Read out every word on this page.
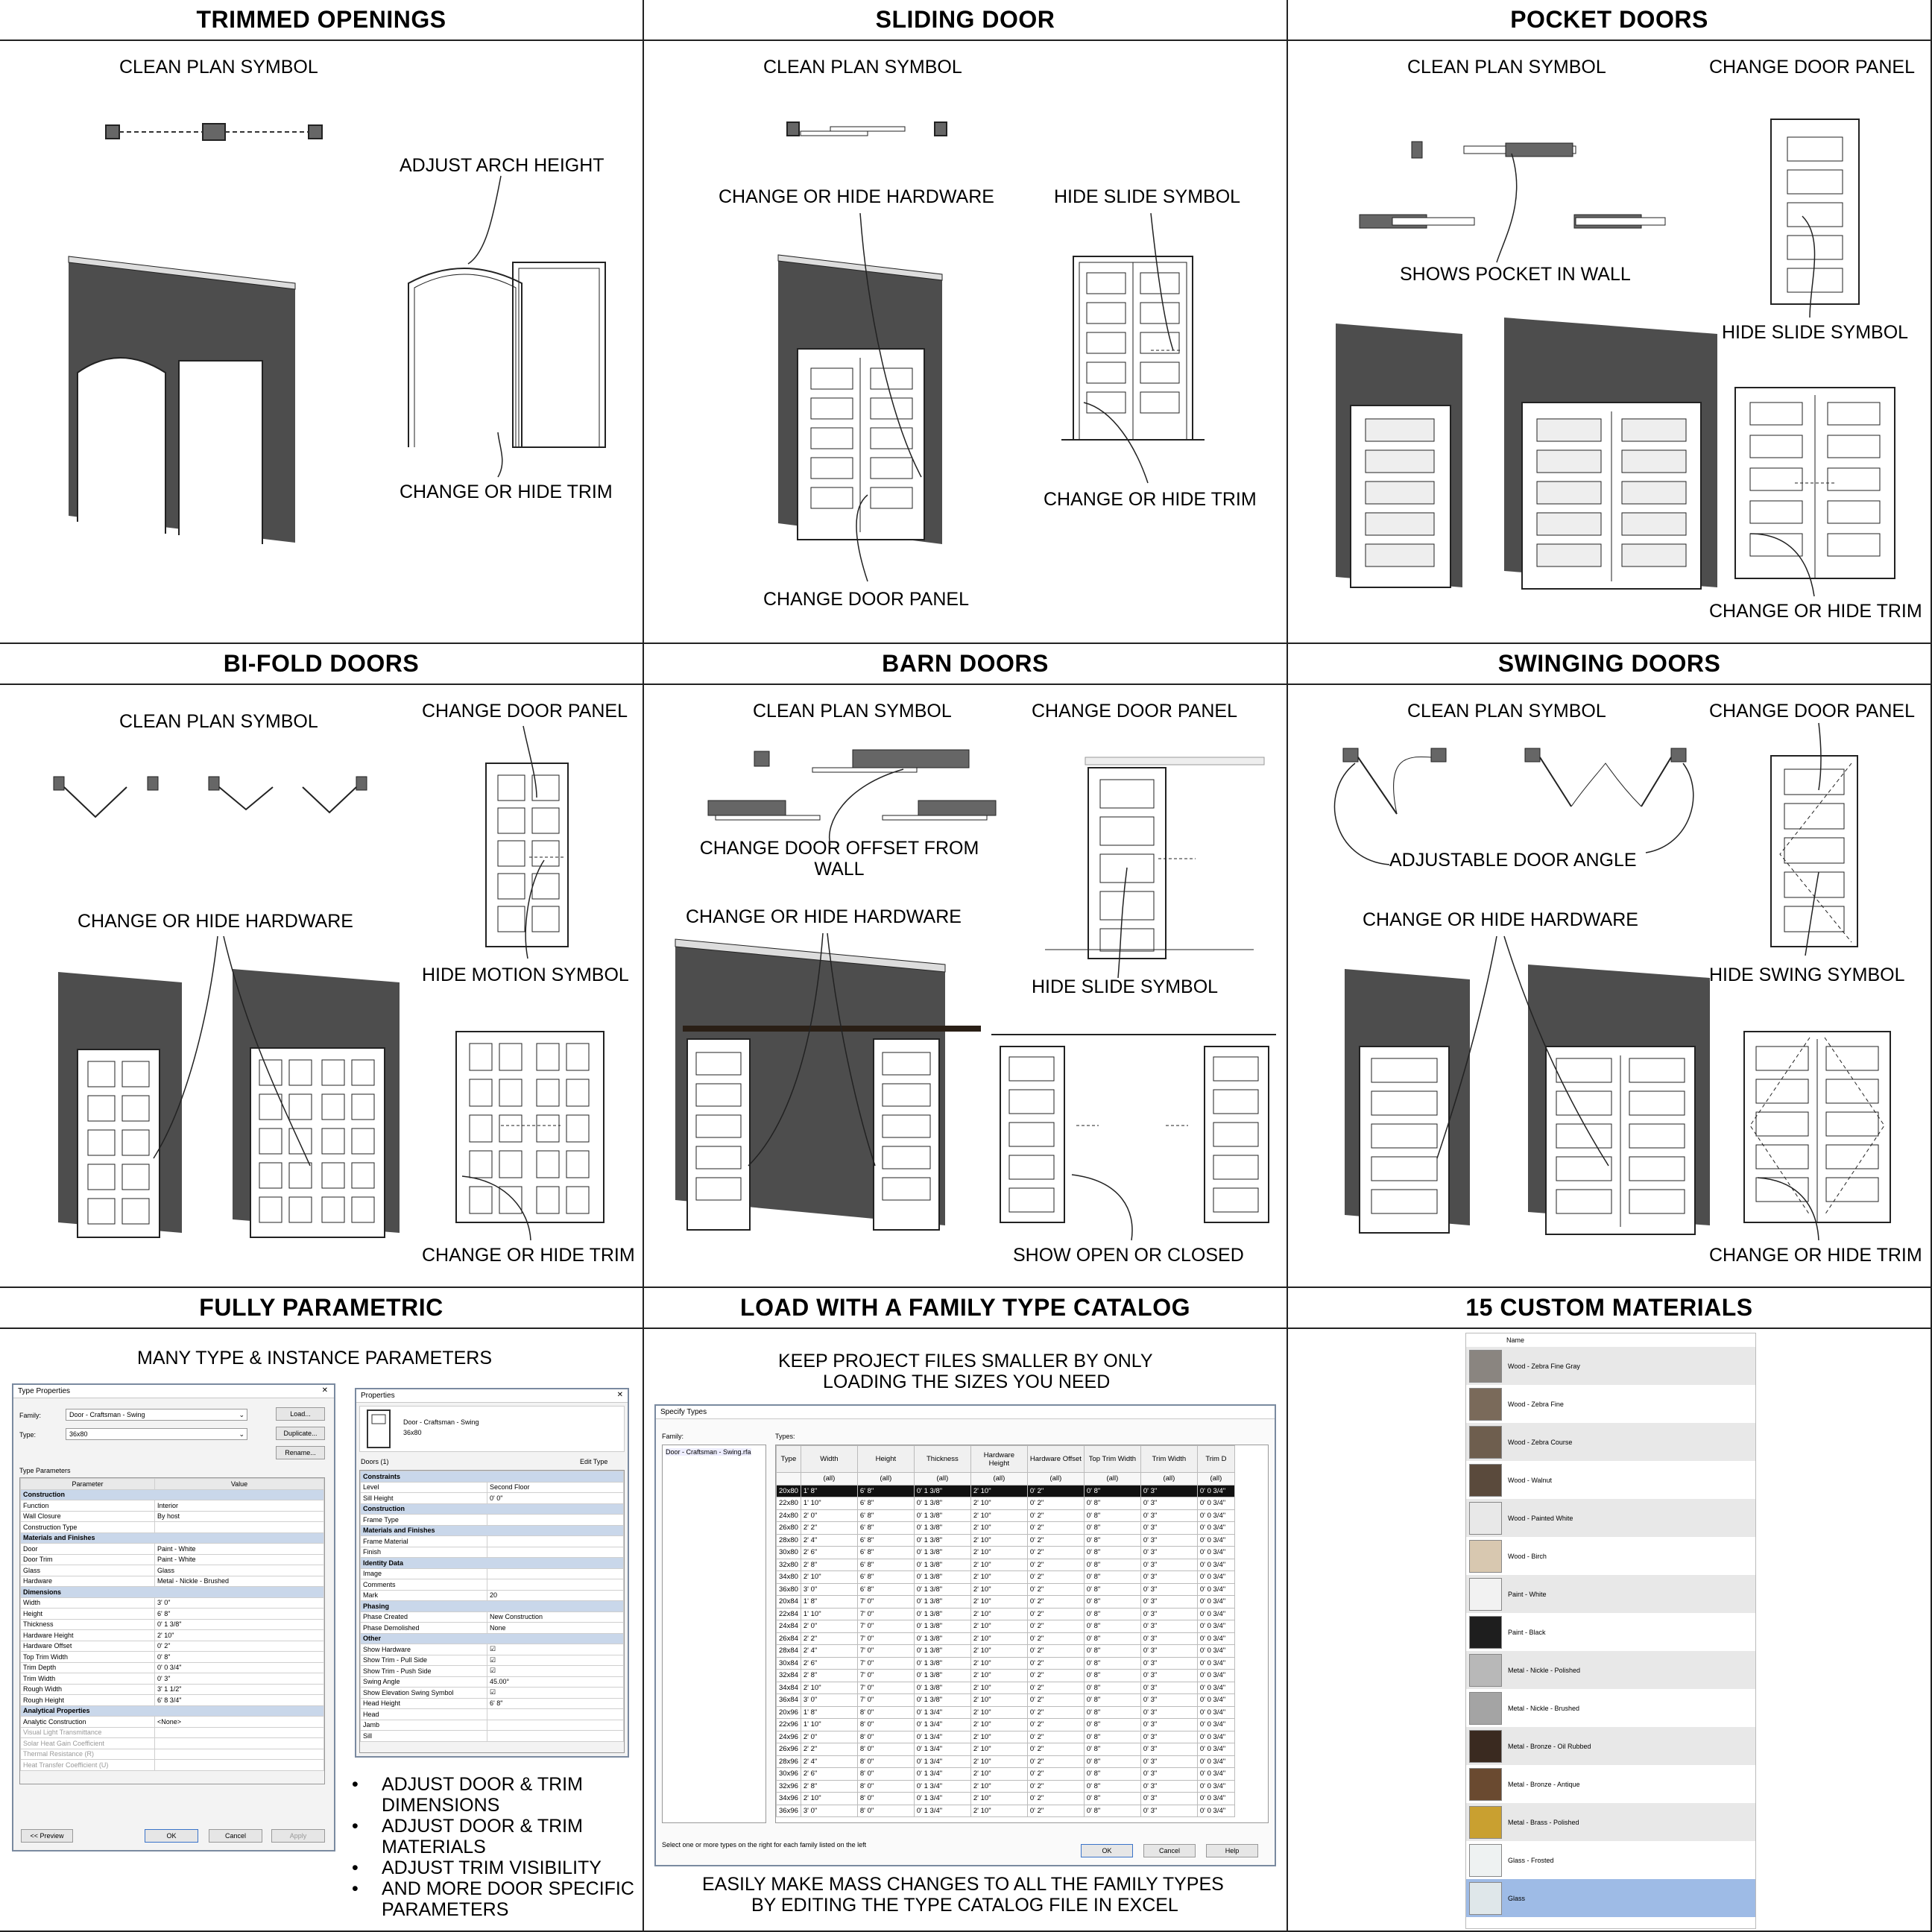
TRIMMED OPENINGS
CLEAN PLAN SYMBOL
ADJUST ARCH HEIGHT
CHANGE OR HIDE TRIM
SLIDING DOOR
CLEAN PLAN SYMBOL
CHANGE OR HIDE HARDWARE	HIDE SLIDE SYMBOL
CHANGE OR HIDE TRIM
CHANGE DOOR PANEL
POCKET DOORS
CLEAN PLAN SYMBOL	CHANGE DOOR PANEL
SHOWS POCKET IN WALL
HIDE SLIDE SYMBOL
CHANGE OR HIDE TRIM
BI-FOLD DOORS
CLEAN PLAN SYMBOL	CHANGE DOOR PANEL
CHANGE OR HIDE HARDWARE
HIDE MOTION SYMBOL
CHANGE OR HIDE TRIM
BARN DOORS
CLEAN PLAN SYMBOL	CHANGE DOOR PANEL
CHANGE DOOR OFFSET FROM WALL
CHANGE OR HIDE HARDWARE
HIDE SLIDE SYMBOL
SHOW OPEN OR CLOSED
SWINGING DOORS
CLEAN PLAN SYMBOL	CHANGE DOOR PANEL
ADJUSTABLE DOOR ANGLE
CHANGE OR HIDE HARDWARE
HIDE SWING SYMBOL
CHANGE OR HIDE TRIM
FULLY PARAMETRIC
MANY TYPE & INSTANCE PARAMETERS
Type Properties	✕
Family:	Door - Craftsman - Swing	⌄	Load...
Type:	36x80	⌄	Duplicate...
Rename...
Type Parameters
Parameter	Value
Construction	
Function	Interior
Wall Closure	By host
Construction Type	
Materials and Finishes	
Door	Paint - White
Door Trim	Paint - White
Glass	Glass
Hardware	Metal - Nickle - Brushed
Dimensions	
Width	3' 0"
Height	6' 8"
Thickness	0' 1 3/8"
Hardware Height	2' 10"
Hardware Offset	0' 2"
Top Trim Width	0' 8"
Trim Depth	0' 0 3/4"
Trim Width	0' 3"
Rough Width	3' 1 1/2"
Rough Height	6' 8 3/4"
Analytical Properties	
Analytic Construction	<None>
Visual Light Transmittance	
Solar Heat Gain Coefficient	
Thermal Resistance (R)	
Heat Transfer Coefficient (U)	
<< Preview	OK	Cancel	Apply
Properties	✕
Door - Craftsman - Swing
36x80
Doors (1)	Edit Type
Constraints	
Level	Second Floor
Sill Height	0' 0"
Construction	
Frame Type	
Materials and Finishes	
Frame Material	
Finish	
Identity Data	
Image	
Comments	
Mark	20
Phasing	
Phase Created	New Construction
Phase Demolished	None
Other	
Show Hardware	☑
Show Trim - Pull Side	☑
Show Trim - Push Side	☑
Swing Angle	45.00°
Show Elevation Swing Symbol	☑
Head Height	6' 8"
Head	
Jamb	
Sill	
• ADJUST DOOR & TRIM DIMENSIONS
• ADJUST DOOR & TRIM MATERIALS
• ADJUST TRIM VISIBILITY
• AND MORE DOOR SPECIFIC PARAMETERS
LOAD WITH A FAMILY TYPE CATALOG
KEEP PROJECT FILES SMALLER BY ONLY
LOADING THE SIZES YOU NEED
Specify Types
Family:
Door - Craftsman - Swing.rfa
Types:
Type	Width	Height	Thickness	Hardware Height	Hardware Offset	Top Trim Width	Trim Width	Trim D
	(all)	(all)	(all)	(all)	(all)	(all)	(all)	(all)
20x80	1' 8"	6' 8"	0' 1 3/8"	2' 10"	0' 2"	0' 8"	0' 3"	0' 0 3/4"
22x80	1' 10"	6' 8"	0' 1 3/8"	2' 10"	0' 2"	0' 8"	0' 3"	0' 0 3/4"
24x80	2' 0"	6' 8"	0' 1 3/8"	2' 10"	0' 2"	0' 8"	0' 3"	0' 0 3/4"
26x80	2' 2"	6' 8"	0' 1 3/8"	2' 10"	0' 2"	0' 8"	0' 3"	0' 0 3/4"
28x80	2' 4"	6' 8"	0' 1 3/8"	2' 10"	0' 2"	0' 8"	0' 3"	0' 0 3/4"
30x80	2' 6"	6' 8"	0' 1 3/8"	2' 10"	0' 2"	0' 8"	0' 3"	0' 0 3/4"
32x80	2' 8"	6' 8"	0' 1 3/8"	2' 10"	0' 2"	0' 8"	0' 3"	0' 0 3/4"
34x80	2' 10"	6' 8"	0' 1 3/8"	2' 10"	0' 2"	0' 8"	0' 3"	0' 0 3/4"
36x80	3' 0"	6' 8"	0' 1 3/8"	2' 10"	0' 2"	0' 8"	0' 3"	0' 0 3/4"
20x84	1' 8"	7' 0"	0' 1 3/8"	2' 10"	0' 2"	0' 8"	0' 3"	0' 0 3/4"
22x84	1' 10"	7' 0"	0' 1 3/8"	2' 10"	0' 2"	0' 8"	0' 3"	0' 0 3/4"
24x84	2' 0"	7' 0"	0' 1 3/8"	2' 10"	0' 2"	0' 8"	0' 3"	0' 0 3/4"
26x84	2' 2"	7' 0"	0' 1 3/8"	2' 10"	0' 2"	0' 8"	0' 3"	0' 0 3/4"
28x84	2' 4"	7' 0"	0' 1 3/8"	2' 10"	0' 2"	0' 8"	0' 3"	0' 0 3/4"
30x84	2' 6"	7' 0"	0' 1 3/8"	2' 10"	0' 2"	0' 8"	0' 3"	0' 0 3/4"
32x84	2' 8"	7' 0"	0' 1 3/8"	2' 10"	0' 2"	0' 8"	0' 3"	0' 0 3/4"
34x84	2' 10"	7' 0"	0' 1 3/8"	2' 10"	0' 2"	0' 8"	0' 3"	0' 0 3/4"
36x84	3' 0"	7' 0"	0' 1 3/8"	2' 10"	0' 2"	0' 8"	0' 3"	0' 0 3/4"
20x96	1' 8"	8' 0"	0' 1 3/4"	2' 10"	0' 2"	0' 8"	0' 3"	0' 0 3/4"
22x96	1' 10"	8' 0"	0' 1 3/4"	2' 10"	0' 2"	0' 8"	0' 3"	0' 0 3/4"
24x96	2' 0"	8' 0"	0' 1 3/4"	2' 10"	0' 2"	0' 8"	0' 3"	0' 0 3/4"
26x96	2' 2"	8' 0"	0' 1 3/4"	2' 10"	0' 2"	0' 8"	0' 3"	0' 0 3/4"
28x96	2' 4"	8' 0"	0' 1 3/4"	2' 10"	0' 2"	0' 8"	0' 3"	0' 0 3/4"
30x96	2' 6"	8' 0"	0' 1 3/4"	2' 10"	0' 2"	0' 8"	0' 3"	0' 0 3/4"
32x96	2' 8"	8' 0"	0' 1 3/4"	2' 10"	0' 2"	0' 8"	0' 3"	0' 0 3/4"
34x96	2' 10"	8' 0"	0' 1 3/4"	2' 10"	0' 2"	0' 8"	0' 3"	0' 0 3/4"
36x96	3' 0"	8' 0"	0' 1 3/4"	2' 10"	0' 2"	0' 8"	0' 3"	0' 0 3/4"
Select one or more types on the right for each family listed on the left
OK	Cancel	Help
EASILY MAKE MASS CHANGES TO ALL THE FAMILY TYPES
BY EDITING THE TYPE CATALOG FILE IN EXCEL
15 CUSTOM MATERIALS
Name
Wood - Zebra Fine Gray
Wood - Zebra Fine
Wood - Zebra Course
Wood - Walnut
Wood - Painted White
Wood - Birch
Paint - White
Paint - Black
Metal - Nickle - Polished
Metal - Nickle - Brushed
Metal - Bronze - Oil Rubbed
Metal - Bronze - Antique
Metal - Brass - Polished
Glass - Frosted
Glass
